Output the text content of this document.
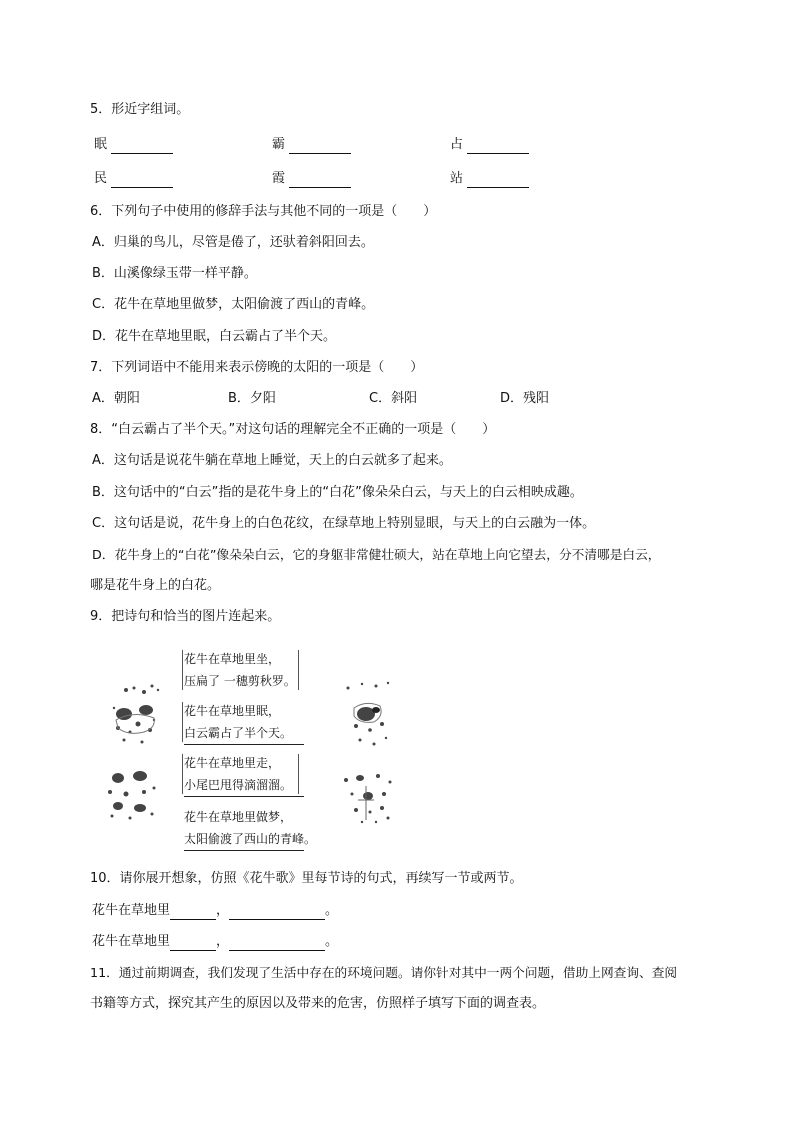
5．形近字组词。
眠	霸	占
民	霞	站
6．下列句子中使用的修辞手法与其他不同的一项是（　　）
A．归巢的鸟儿，尽管是倦了，还驮着斜阳回去。
B．山溪像绿玉带一样平静。
C．花牛在草地里做梦，太阳偷渡了西山的青峰。
D．花牛在草地里眠，白云霸占了半个天。
7．下列词语中不能用来表示傍晚的太阳的一项是（　　）
A．朝阳	B．夕阳	C．斜阳	D．残阳
8．“白云霸占了半个天。”对这句话的理解完全不正确的一项是（　　）
A．这句话是说花牛躺在草地上睡觉，天上的白云就多了起来。
B．这句话中的“白云”指的是花牛身上的“白花”像朵朵白云，与天上的白云相映成趣。
C．这句话是说，花牛身上的白色花纹，在绿草地上特别显眼，与天上的白云融为一体。
D．花牛身上的“白花”像朵朵白云，它的身躯非常健壮硕大，站在草地上向它望去，分不清哪是白云，
哪是花牛身上的白花。
9．把诗句和恰当的图片连起来。
花牛在草地里坐，
压扁了 一穗剪秋罗。
花牛在草地里眠，
白云霸占了半个天。
花牛在草地里走，
小尾巴甩得滴溜溜。
花牛在草地里做梦，
太阳偷渡了西山的青峰。
10．请你展开想象，仿照《花牛歌》里每节诗的句式，再续写一节或两节。
花牛在草地里	，	。
花牛在草地里	，	。
11．通过前期调查，我们发现了生活中存在的环境问题。请你针对其中一两个问题，借助上网查询、查阅
书籍等方式，探究其产生的原因以及带来的危害，仿照样子填写下面的调查表。
